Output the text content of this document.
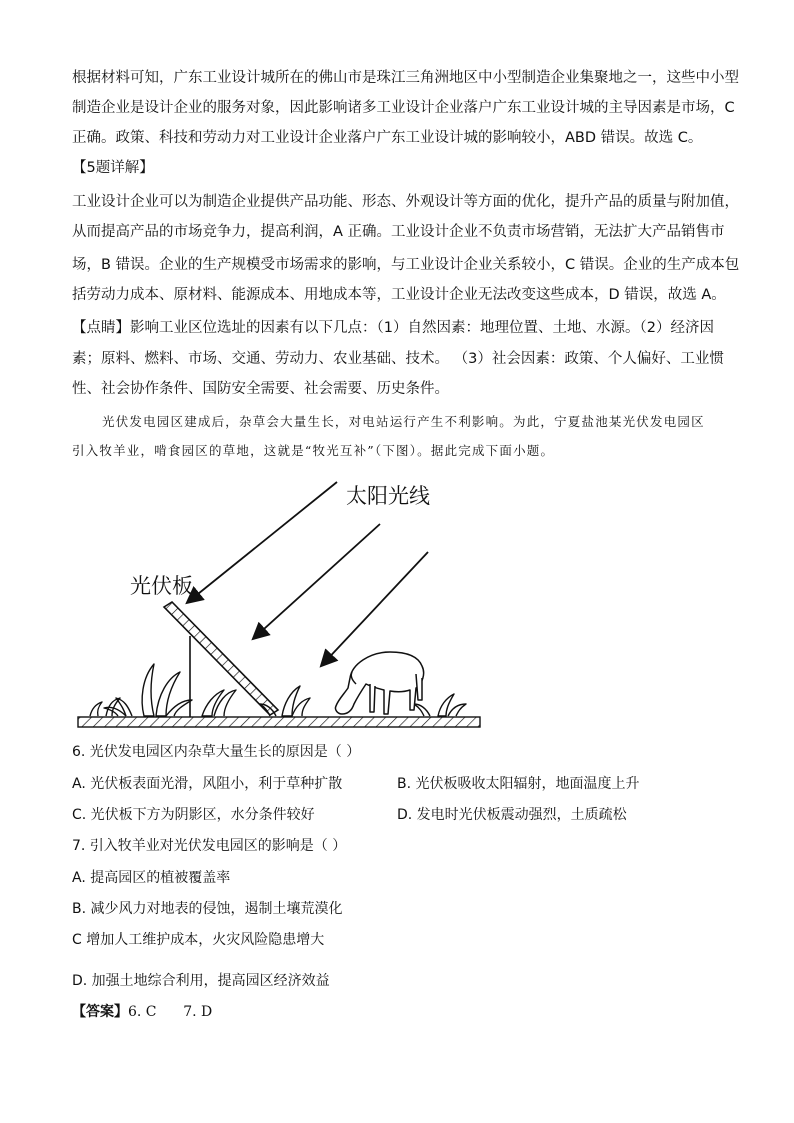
根据材料可知，广东工业设计城所在的佛山市是珠江三角洲地区中小型制造企业集聚地之一，这些中小型
制造企业是设计企业的服务对象，因此影响诸多工业设计企业落户广东工业设计城的主导因素是市场，C
正确。政策、科技和劳动力对工业设计企业落户广东工业设计城的影响较小，ABD 错误。故选 C。
【5题详解】
工业设计企业可以为制造企业提供产品功能、形态、外观设计等方面的优化，提升产品的质量与附加值，
从而提高产品的市场竞争力，提高利润，A 正确。工业设计企业不负责市场营销，无法扩大产品销售市
场，B 错误。企业的生产规模受市场需求的影响，与工业设计企业关系较小，C 错误。企业的生产成本包
括劳动力成本、原材料、能源成本、用地成本等，工业设计企业无法改变这些成本，D 错误，故选 A。
【点睛】影响工业区位选址的因素有以下几点：（1）自然因素：地理位置、土地、水源。（2）经济因
素；原料、燃料、市场、交通、劳动力、农业基础、技术。 （3）社会因素：政策、个人偏好、工业惯
性、社会协作条件、国防安全需要、社会需要、历史条件。
光伏发电园区建成后，杂草会大量生长，对电站运行产生不利影响。为此，宁夏盐池某光伏发电园区
引入牧羊业，啃食园区的草地，这就是“牧光互补”（下图）。据此完成下面小题。
太阳光线
光伏板
6. 光伏发电园区内杂草大量生长的原因是（ ）
A. 光伏板表面光滑，风阻小，利于草种扩散	B. 光伏板吸收太阳辐射，地面温度上升
C. 光伏板下方为阴影区，水分条件较好	D. 发电时光伏板震动强烈，土质疏松
7. 引入牧羊业对光伏发电园区的影响是（ ）
A. 提高园区的植被覆盖率
B. 减少风力对地表的侵蚀，遏制土壤荒漠化
C 增加人工维护成本，火灾风险隐患增大
D. 加强土地综合利用，提高园区经济效益
【答案】6. C      7. D
